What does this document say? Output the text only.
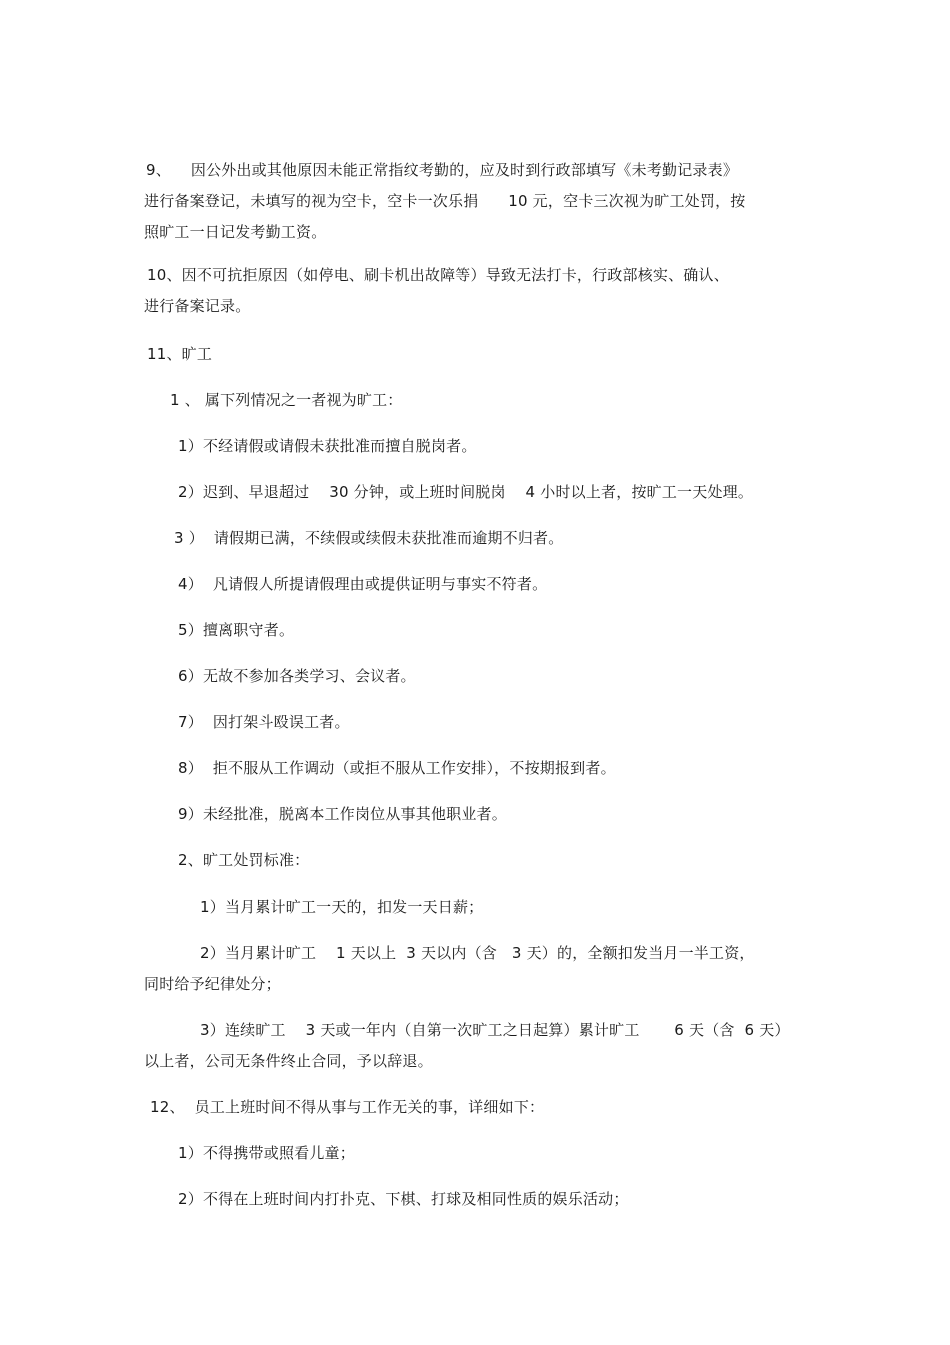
9、    因公外出或其他原因未能正常指纹考勤的，应及时到行政部填写《未考勤记录表》
进行备案登记，未填写的视为空卡，空卡一次乐捐      10 元，空卡三次视为旷工处罚，按
照旷工一日记发考勤工资。
10、因不可抗拒原因（如停电、刷卡机出故障等）导致无法打卡，行政部核实、确认、
进行备案记录。
11、旷工
1 、 属下列情况之一者视为旷工：
1）不经请假或请假未获批准而擅自脱岗者。
2）迟到、早退超过    30 分钟，或上班时间脱岗    4 小时以上者，按旷工一天处理。
3 ）  请假期已满，不续假或续假未获批准而逾期不归者。
4）  凡请假人所提请假理由或提供证明与事实不符者。
5）擅离职守者。
6）无故不参加各类学习、会议者。
7）  因打架斗殴误工者。
8）  拒不服从工作调动（或拒不服从工作安排），不按期报到者。
9）未经批准，脱离本工作岗位从事其他职业者。
2、旷工处罚标准：
1）当月累计旷工一天的，扣发一天日薪；
2）当月累计旷工    1 天以上  3 天以内（含   3 天）的，全额扣发当月一半工资，
同时给予纪律处分；
3）连续旷工    3 天或一年内（自第一次旷工之日起算）累计旷工       6 天（含  6 天）
以上者，公司无条件终止合同，予以辞退。
12、  员工上班时间不得从事与工作无关的事，详细如下：
1）不得携带或照看儿童；
2）不得在上班时间内打扑克、下棋、打球及相同性质的娱乐活动；
